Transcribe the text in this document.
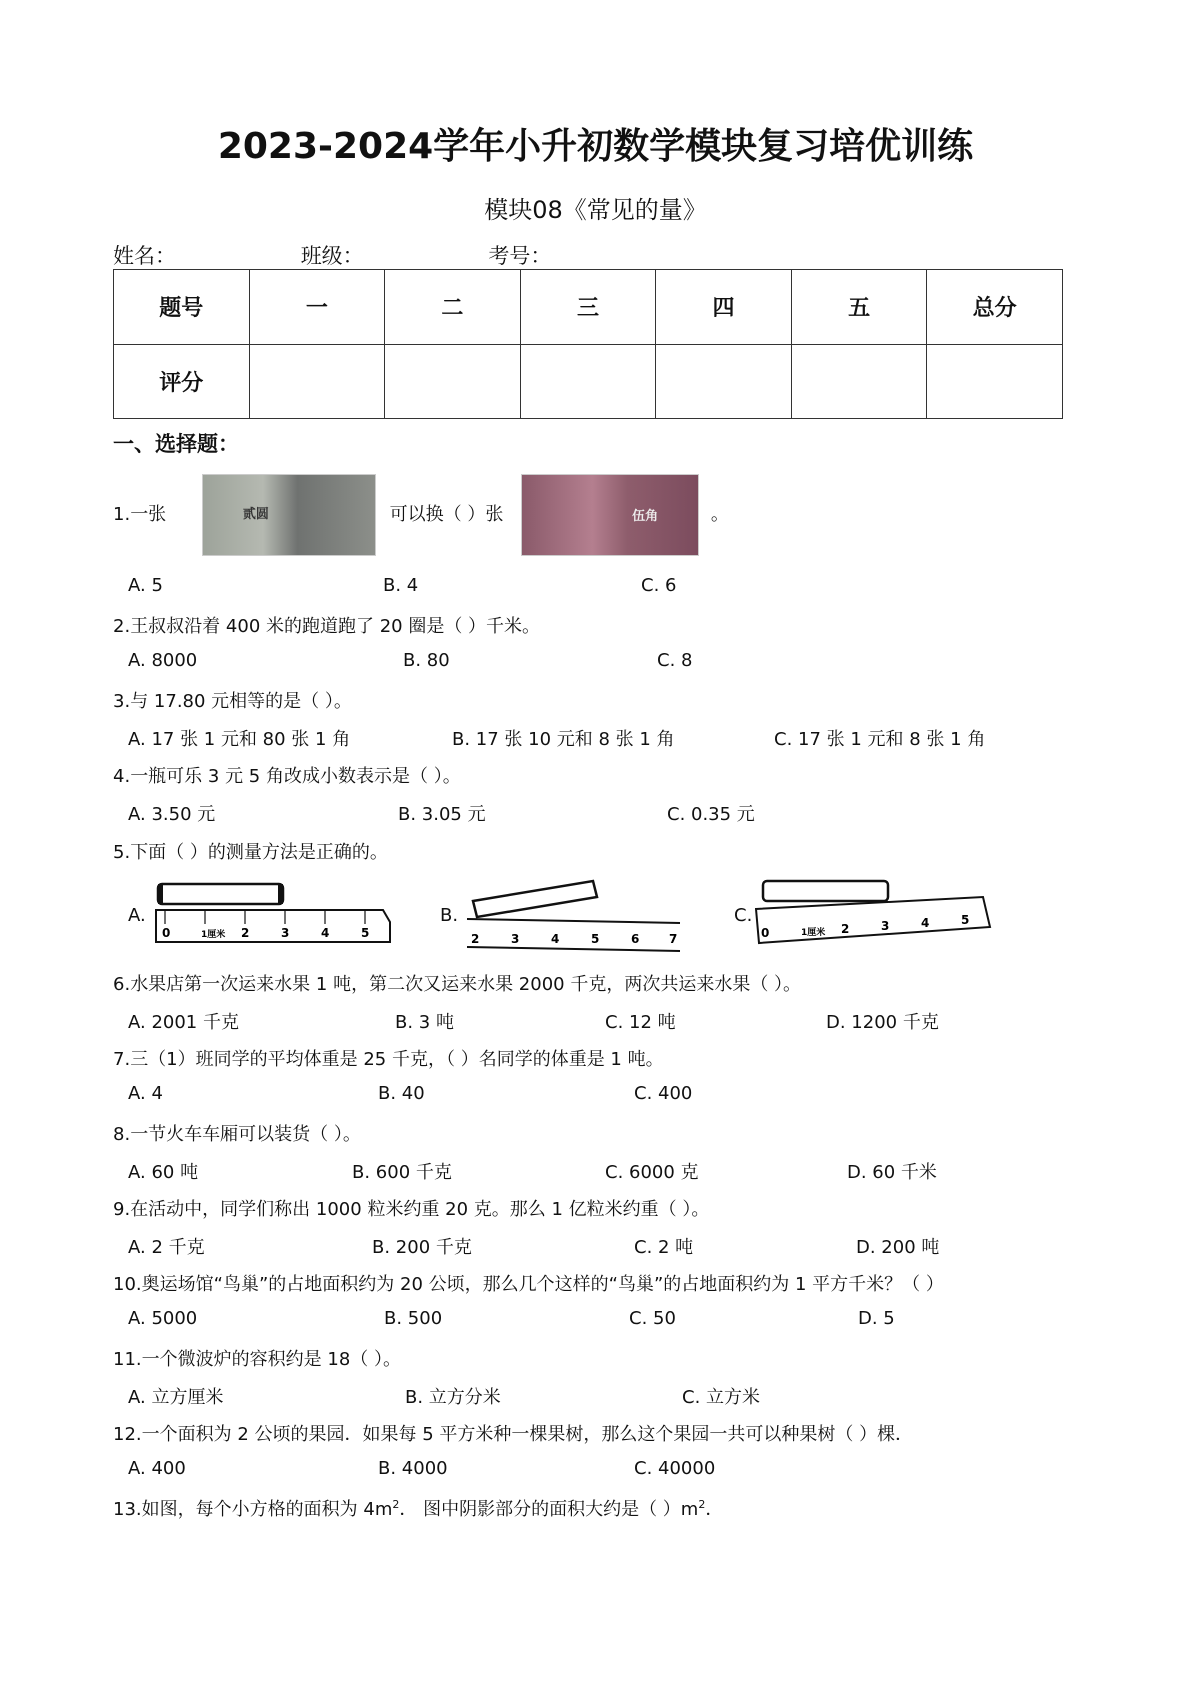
2023-2024学年小升初数学模块复习培优训练
模块08《常见的量》
姓名：	班级：	考号：
题号	一	二	三	四	五	总分
评分						
一、选择题：
1.一张	贰圆	可以换（ ）张	伍角	。
A. 5	B. 4	C. 6
2.王叔叔沿着 400 米的跑道跑了 20 圈是（ ）千米。
A. 8000	B. 80	C. 8
3.与 17.80 元相等的是（ ）。
A. 17 张 1 元和 80 张 1 角	B. 17 张 10 元和 8 张 1 角	C. 17 张 1 元和 8 张 1 角
4.一瓶可乐 3 元 5 角改成小数表示是（ ）。
A. 3.50 元	B. 3.05 元	C. 0.35 元
5.下面（ ）的测量方法是正确的。
A.
0	1厘米 2	3	4	5
B.
2	3	4	5	6 7
C.
0	1厘米 2	3	4	5
6.水果店第一次运来水果 1 吨，第二次又运来水果 2000 千克，两次共运来水果（ ）。
A. 2001 千克	B. 3 吨	C. 12 吨	D. 1200 千克
7.三（1）班同学的平均体重是 25 千克，（ ）名同学的体重是 1 吨。
A. 4	B. 40	C. 400
8.一节火车车厢可以装货（ ）。
A. 60 吨	B. 600 千克	C. 6000 克	D. 60 千米
9.在活动中，同学们称出 1000 粒米约重 20 克。那么 1 亿粒米约重（ ）。
A. 2 千克	B. 200 千克	C. 2 吨	D. 200 吨
10.奥运场馆“鸟巢”的占地面积约为 20 公顷，那么几个这样的“鸟巢”的占地面积约为 1 平方千米？（ ）
A. 5000	B. 500	C. 50	D. 5
11.一个微波炉的容积约是 18（ ）。
A. 立方厘米	B. 立方分米	C. 立方米
12.一个面积为 2 公顷的果园．如果每 5 平方米种一棵果树，那么这个果园一共可以种果树（ ）棵．
A. 400	B. 4000	C. 40000
13.如图，每个小方格的面积为 $4m^2$． 图中阴影部分的面积大约是（ ）$m^2$．
